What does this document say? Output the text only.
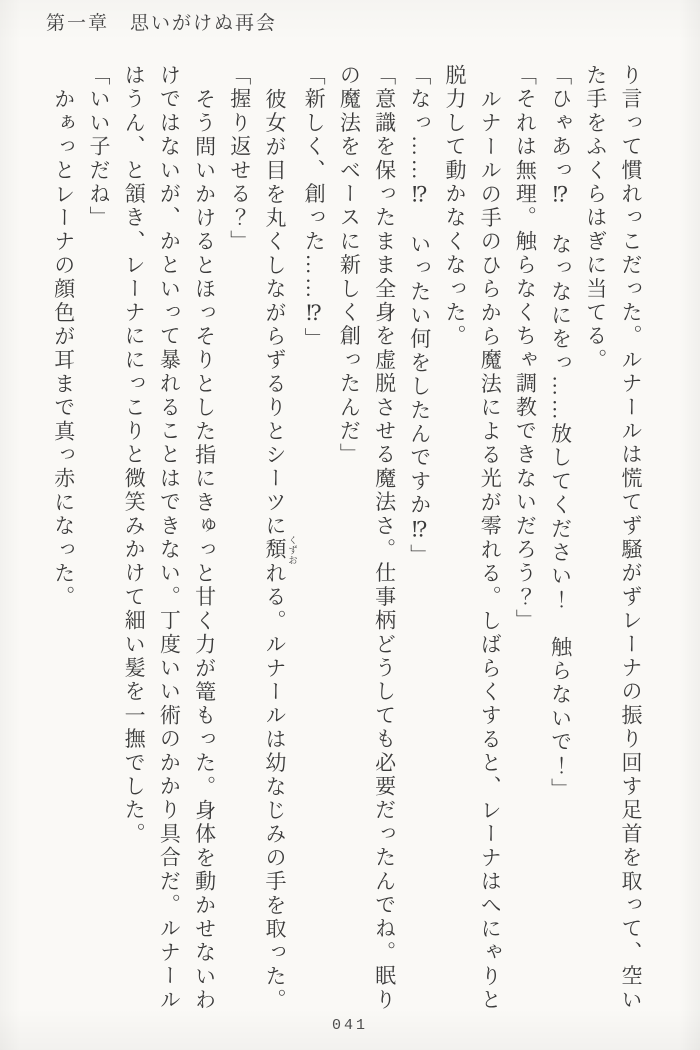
第一章　思いがけぬ再会

り言って慣れっこだった。ルナールは慌てず騒がずレーナの振り回す足首を取って、空い

た手をふくらはぎに当てる。

「ひゃあっ⁉　なっなにをっ……放してください！　触らないで！」

「それは無理。触らなくちゃ調教できないだろう？」

ルナールの手のひらから魔法による光が零れる。しばらくすると、レーナはへにゃりと

脱力して動かなくなった。

「なっ……⁉　いったい何をしたんですか⁉」

「意識を保ったまま全身を虚脱させる魔法さ。仕事柄どうしても必要だったんでね。眠り

の魔法をベースに新しく創ったんだ」

「新しく、創った……⁉」

彼女が目を丸くしながらずるりとシーツに頽 くずおれる。ルナールは幼なじみの手を取った。

「握り返せる？」

そう問いかけるとほっそりとした指にきゅっと甘く力が篭もった。身体を動かせないわ

けではないが、かといって暴れることはできない。丁度いい術のかかり具合だ。ルナール

はうん、と頷き、レーナににっこりと微笑みかけて細い髪を一撫でした。

「いい子だね」

かぁっとレーナの顔色が耳まで真っ赤になった。

041
